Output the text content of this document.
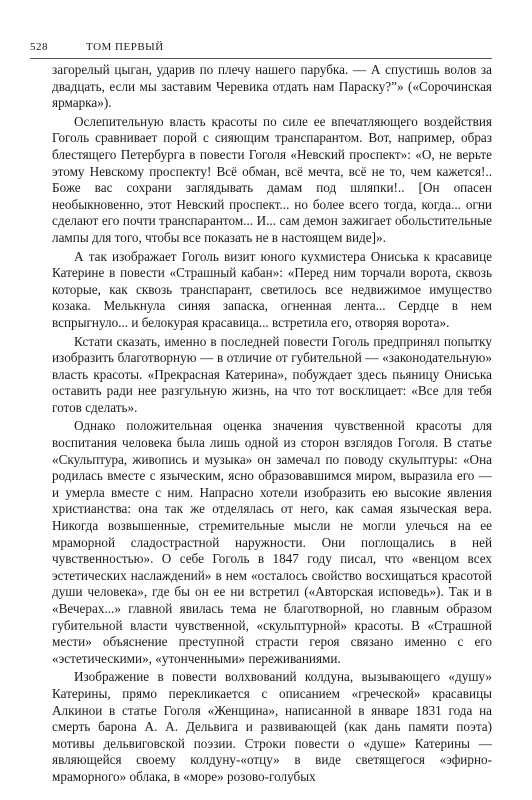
528	ТОМ ПЕРВЫЙ

загорелый цыган, ударив по плечу нашего парубка. — А спустишь волов за двадцать, если мы заставим Черевика отдать нам Параску?”» («Сорочинская ярмарка»).

Ослепительную власть красоты по силе ее впечатляющего воздействия Гоголь сравнивает порой с сияющим транспарантом. Вот, например, образ блестящего Петербурга в повести Гоголя «Невский проспект»: «О, не верьте этому Невскому проспекту! Всё обман, всё мечта, всё не то, чем кажется!.. Боже вас сохрани заглядывать дамам под шляпки!.. [Он опасен необыкновенно, этот Невский проспект... но более всего тогда, когда... огни сделают его почти транспарантом... И... сам демон зажигает обольстительные лампы для того, чтобы все показать не в настоящем виде]».

А так изображает Гоголь визит юного кухмистера Ониська к красавице Катерине в повести «Страшный кабан»: «Перед ним торчали ворота, сквозь которые, как сквозь транспарант, светилось все недвижимое имущество козака. Мелькнула синяя запаска, огненная лента... Сердце в нем вспрыгнуло... и белокурая красавица... встретила его, отворяя ворота».

Кстати сказать, именно в последней повести Гоголь предпринял попытку изобразить благотворную — в отличие от губительной — «законодательную» власть красоты. «Прекрасная Катерина», побуждает здесь пьяницу Ониська оставить ради нее разгульную жизнь, на что тот восклицает: «Все для тебя готов сделать».

Однако положительная оценка значения чувственной красоты для воспитания человека была лишь одной из сторон взглядов Гоголя. В статье «Скульптура, живопись и музыка» он замечал по поводу скульптуры: «Она родилась вместе с языческим, ясно образовавшимся миром, выразила его — и умерла вместе с ним. Напрасно хотели изобразить ею высокие явления христианства: она так же отделялась от него, как самая языческая вера. Никогда возвышенные, стремительные мысли не могли улечься на ее мраморной сладострастной наружности. Они поглощались в ней чувственностью». О себе Гоголь в 1847 году писал, что «венцом всех эстетических наслаждений» в нем «осталось свойство восхищаться красотой души человека», где бы он ее ни встретил («Авторская исповедь»). Так и в «Вечерах...» главной явилась тема не благотворной, но главным образом губительной власти чувственной, «скульптурной» красоты. В «Страшной мести» объяснение преступной страсти героя связано именно с его «эстетическими», «утонченными» переживаниями.

Изображение в повести волхвований колдуна, вызывающего «душу» Катерины, прямо перекликается с описанием «греческой» красавицы Алкинои в статье Гоголя «Женщина», написанной в январе 1831 года на смерть барона А. А. Дельвига и развивающей (как дань памяти поэта) мотивы дельвиговской поэзии. Строки повести о «душе» Катерины — являющейся своему колдуну-«отцу» в виде светящегося «эфирно-мраморного» облака, в «море» розово-голубых
